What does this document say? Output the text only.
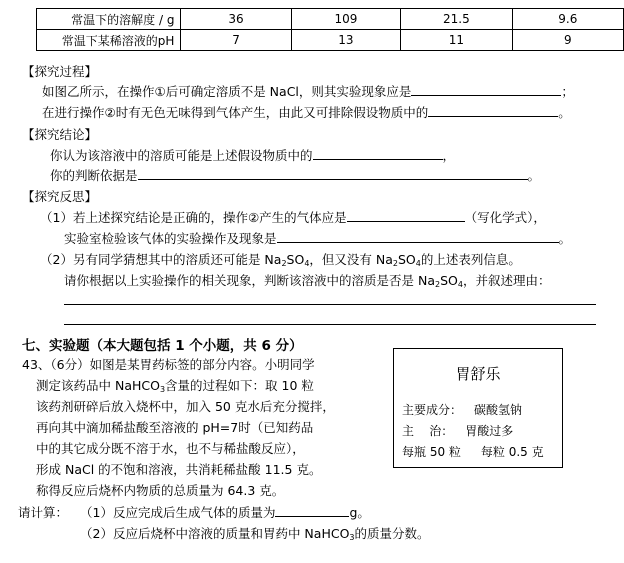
常温下的溶解度 / g	36	109	21.5	9.6
常温下某稀溶液的pH	7	13	11	9
【探究过程】
如图乙所示，在操作①后可确定溶质不是 NaCl，则其实验现象应是	；
在进行操作②时有无色无味得到气体产生，由此又可排除假设物质中的	。
【探究结论】
你认为该溶液中的溶质可能是上述假设物质中的	，
你的判断依据是	。
【探究反思】
（1）若上述探究结论是正确的，操作②产生的气体应是	（写化学式），
实验室检验该气体的实验操作及现象是	。
（2）另有同学猜想其中的溶质还可能是 $Na_2SO_4$，但又没有 $Na_2SO_4$的上述表列信息。
请你根据以上实验操作的相关现象，判断该溶液中的溶质是否是 $Na_2SO_4$，并叙述理由：
七、实验题（本大题包括 1 个小题，共 6 分）
43、（6分）如图是某胃药标签的部分内容。小明同学
测定该药品中 NaHCO$_3$含量的过程如下：取 10 粒
该药剂研碎后放入烧杯中，加入 50 克水后充分搅拌，
再向其中滴加稀盐酸至溶液的 pH=7时（已知药品
中的其它成分既不溶于水，也不与稀盐酸反应），
形成 NaCl 的不饱和溶液，共消耗稀盐酸 11.5 克。
称得反应后烧杯内物质的总质量为 64.3 克。
请计算： （1）反应完成后生成气体的质量为	g。
（2）反应后烧杯中溶液的质量和胃药中 NaHCO$_3$的质量分数。
胃舒乐
主要成分： 碳酸氢钠
主    治： 胃酸过多
每瓶 50 粒 每粒 0.5 克
